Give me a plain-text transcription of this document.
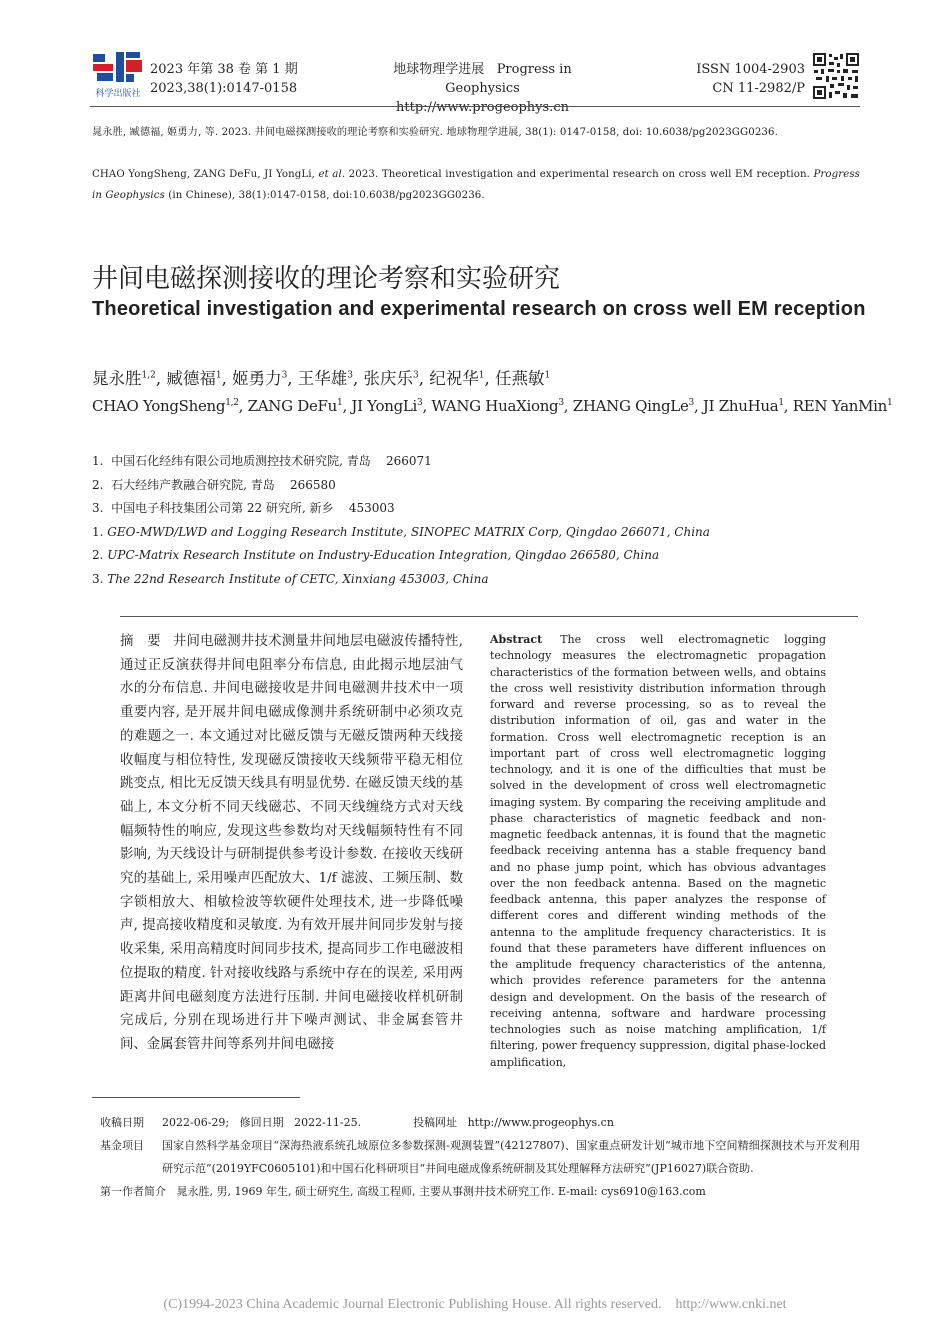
科学出版社
2023 年第 38 卷 第 1 期
2023,38(1):0147-0158
地球物理学进展 Progress in Geophysics
http://www.progeophys.cn
ISSN 1004-2903
CN 11-2982/P
晁永胜, 臧德福, 姬勇力, 等. 2023. 井间电磁探测接收的理论考察和实验研究. 地球物理学进展, 38(1): 0147-0158, doi: 10.6038/pg2023GG0236.
CHAO YongSheng, ZANG DeFu, JI YongLi, et al. 2023. Theoretical investigation and experimental research on cross well EM reception. Progress in Geophysics (in Chinese), 38(1):0147-0158, doi:10.6038/pg2023GG0236.
井间电磁探测接收的理论考察和实验研究
Theoretical investigation and experimental research on cross well EM reception
晁永胜$^{1,2}$, 臧德福$^1$, 姬勇力$^3$, 王华雄$^3$, 张庆乐$^3$, 纪祝华$^1$, 任燕敏$^1$
CHAO YongSheng$^{1,2}$, ZANG DeFu$^1$, JI YongLi$^3$, WANG HuaXiong$^3$, ZHANG QingLe$^3$, JI ZhuHua$^1$, REN YanMin$^1$
1.  中国石化经纬有限公司地质测控技术研究院, 青岛    266071
2.  石大经纬产教融合研究院, 青岛    266580
3.  中国电子科技集团公司第 22 研究所, 新乡    453003
1. GEO-MWD/LWD and Logging Research Institute, SINOPEC MATRIX Corp, Qingdao 266071, China
2. UPC-Matrix Research Institute on Industry-Education Integration, Qingdao 266580, China
3. The 22nd Research Institute of CETC, Xinxiang 453003, China
摘　要 井间电磁测井技术测量井间地层电磁波传播特性, 通过正反演获得井间电阻率分布信息, 由此揭示地层油气水的分布信息. 井间电磁接收是井间电磁测井技术中一项重要内容, 是开展井间电磁成像测井系统研制中必须攻克的难题之一. 本文通过对比磁反馈与无磁反馈两种天线接收幅度与相位特性, 发现磁反馈接收天线频带平稳无相位跳变点, 相比无反馈天线具有明显优势. 在磁反馈天线的基础上, 本文分析不同天线磁芯、不同天线缠绕方式对天线幅频特性的响应, 发现这些参数均对天线幅频特性有不同影响, 为天线设计与研制提供参考设计参数. 在接收天线研究的基础上, 采用噪声匹配放大、1/f 滤波、工频压制、数字锁相放大、相敏检波等软硬件处理技术, 进一步降低噪声, 提高接收精度和灵敏度. 为有效开展井间同步发射与接收采集, 采用高精度时间同步技术, 提高同步工作电磁波相位提取的精度. 针对接收线路与系统中存在的误差, 采用两距离井间电磁刻度方法进行压制. 井间电磁接收样机研制完成后, 分别在现场进行井下噪声测试、非金属套管井间、金属套管井间等系列井间电磁接
Abstract The cross well electromagnetic logging technology measures the electromagnetic propagation characteristics of the formation between wells, and obtains the cross well resistivity distribution information through forward and reverse processing, so as to reveal the distribution information of oil, gas and water in the formation. Cross well electromagnetic reception is an important part of cross well electromagnetic logging technology, and it is one of the difficulties that must be solved in the development of cross well electromagnetic imaging system. By comparing the receiving amplitude and phase characteristics of magnetic feedback and non-magnetic feedback antennas, it is found that the magnetic feedback receiving antenna has a stable frequency band and no phase jump point, which has obvious advantages over the non feedback antenna. Based on the magnetic feedback antenna, this paper analyzes the response of different cores and different winding methods of the antenna to the amplitude frequency characteristics. It is found that these parameters have different influences on the amplitude frequency characteristics of the antenna, which provides reference parameters for the antenna design and development. On the basis of the research of receiving antenna, software and hardware processing technologies such as noise matching amplification, 1/f filtering, power frequency suppression, digital phase-locked amplification,
收稿日期	2022-06-29; 修回日期 2022-11-25.	投稿网址 http://www.progeophys.cn
基金项目	国家自然科学基金项目“深海热液系统孔域原位多参数探测-观测装置”(42127807)、国家重点研发计划“城市地下空间精细探测技术与开发利用研究示范”(2019YFC0605101)和中国石化科研项目“井间电磁成像系统研制及其处理解释方法研究”(JP16027)联合资助.
第一作者简介 晁永胜, 男, 1969 年生, 硕士研究生, 高级工程师, 主要从事测井技术研究工作. E-mail: cys6910@163.com
(C)1994-2023 China Academic Journal Electronic Publishing House. All rights reserved.    http://www.cnki.net
